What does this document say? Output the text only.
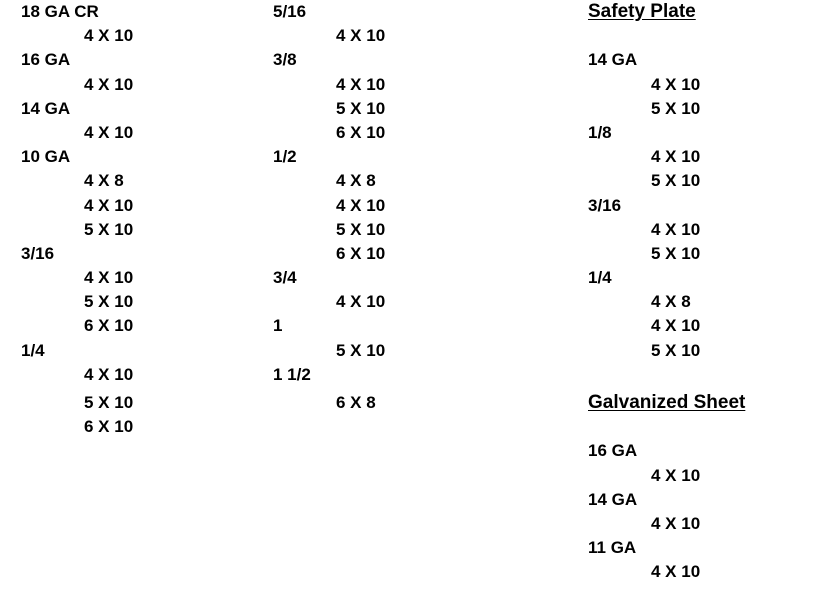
18 GA CR
4 X 10
16 GA
4 X 10
14 GA
4 X 10
10 GA
4 X 8
4 X 10
5 X 10
3/16
4 X 10
5 X 10
6 X 10
1/4
4 X 10
5 X 10
6 X 10
5/16
4 X 10
3/8
4 X 10
5 X 10
6 X 10
1/2
4 X 8
4 X 10
5 X 10
6 X 10
3/4
4 X 10
1
5 X 10
1 1/2
6 X 8
Safety Plate
14 GA
4 X 10
5 X 10
1/8
4 X 10
5 X 10
3/16
4 X 10
5 X 10
1/4
4 X 8
4 X 10
5 X 10
Galvanized Sheet
16 GA
4 X 10
14 GA
4 X 10
11 GA
4 X 10
